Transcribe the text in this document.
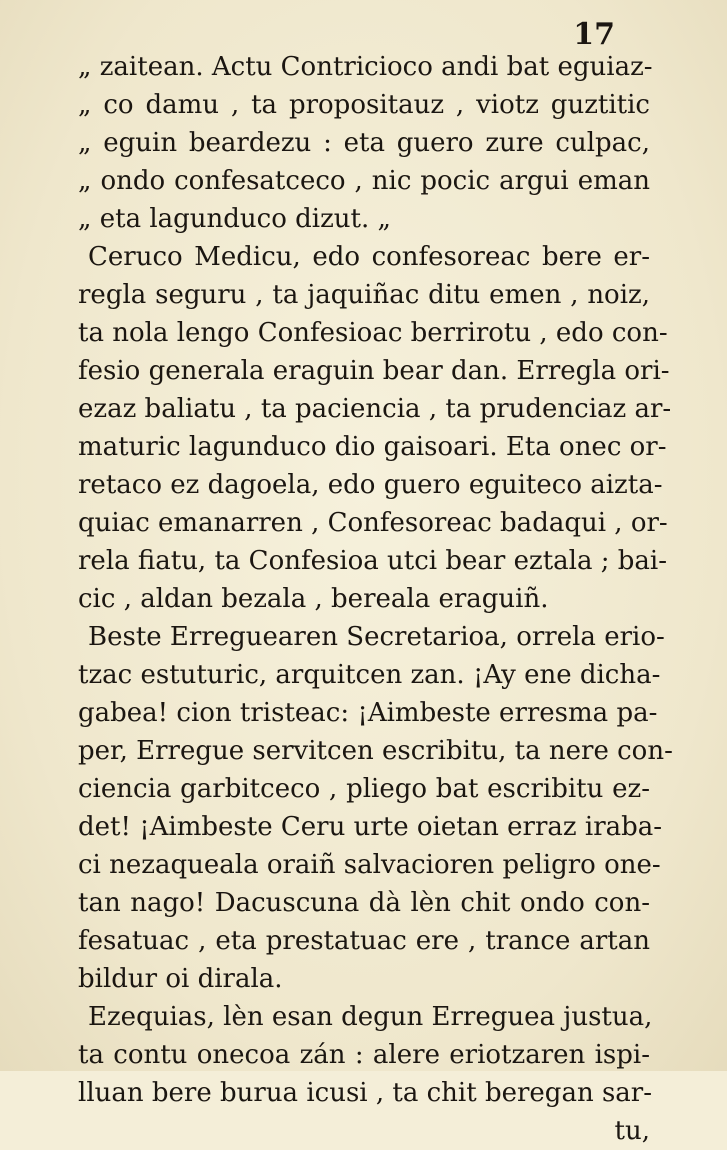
17
„ zaitean. Actu Contricioco andi bat eguiaz-
„ co damu , ta propositauz , viotz guztitic
„ eguin beardezu : eta guero zure culpac,
„ ondo confesatceco , nic pocic argui eman
„ eta lagunduco dizut. „
Ceruco Medicu, edo confesoreac bere er-
regla seguru , ta jaquiñac ditu emen , noiz,
ta nola lengo Confesioac berrirotu , edo con-
fesio generala eraguin bear dan. Erregla ori-
ezaz baliatu , ta paciencia , ta prudenciaz ar-
maturic lagunduco dio gaisoari. Eta onec or-
retaco ez dagoela, edo guero eguiteco aizta-
quiac emanarren , Confesoreac badaqui , or-
rela fiatu, ta Confesioa utci bear eztala ; bai-
cic , aldan bezala , bereala eraguiñ.
Beste Erreguearen Secretarioa, orrela erio-
tzac estuturic, arquitcen zan. ¡Ay ene dicha-
gabea! cion tristeac: ¡Aimbeste erresma pa-
per, Erregue servitcen escribitu, ta nere con-
ciencia garbitceco , pliego bat escribitu ez-
det! ¡Aimbeste Ceru urte oietan erraz iraba-
ci nezaqueala oraiñ salvacioren peligro one-
tan nago! Dacuscuna dà lèn chit ondo con-
fesatuac , eta prestatuac ere , trance artan
bildur oi dirala.
Ezequias, lèn esan degun Erreguea justua,
ta contu onecoa zán : alere eriotzaren ispi-
lluan bere burua icusi , ta chit beregan sar-
tu,
